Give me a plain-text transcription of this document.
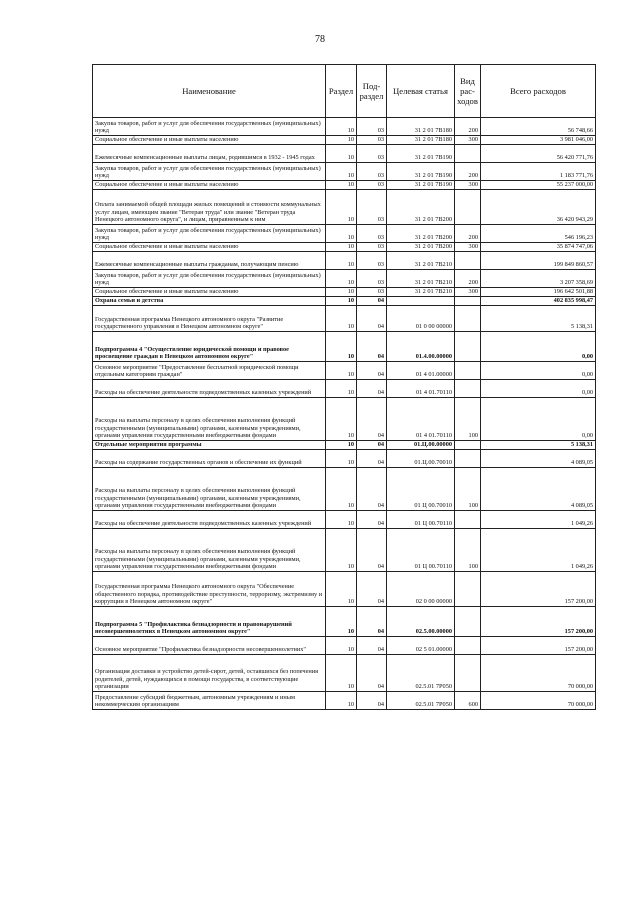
78
Наименование	Раздел	Под-раздел	Целевая статья	Вид рас-ходов	Всего расходов
Закупка товаров, работ и услуг для обеспечения государственных (муниципальных) нужд	10	03	31 2 01 7В180	200	56 748,66
Социальное обеспечение и иные выплаты населению	10	03	31 2 01 7В180	300	3 981 046,00
Ежемесячные компенсационные выплаты лицам, родившимся в 1932 - 1945 годах	10	03	31 2 01 7В190		56 420 771,76
Закупка товаров, работ и услуг для обеспечения государственных (муниципальных) нужд	10	03	31 2 01 7В190	200	1 183 771,76
Социальное обеспечение и иные выплаты населению	10	03	31 2 01 7В190	300	55 237 000,00
Оплата занимаемой общей площади жилых помещений и стоимости коммунальных услуг лицам, имеющим звание "Ветеран труда" или звание "Ветеран труда Ненецкого автономного округа", и лицам, приравненным к ним	10	03	31 2 01 7В200		36 420 943,29
Закупка товаров, работ и услуг для обеспечения государственных (муниципальных) нужд	10	03	31 2 01 7В200	200	546 196,23
Социальное обеспечение и иные выплаты населению	10	03	31 2 01 7В200	300	35 874 747,06
Ежемесячные компенсационные выплаты гражданам, получающим пенсию	10	03	31 2 01 7В210		199 849 860,57
Закупка товаров, работ и услуг для обеспечения государственных (муниципальных) нужд	10	03	31 2 01 7В210	200	3 207 358,69
Социальное обеспечение и иные выплаты населению	10	03	31 2 01 7В210	300	196 642 501,88
Охрана семьи и детства	10	04			402 835 998,47
Государственная программа Ненецкого автономного округа "Развитие государственного управления в Ненецком автономном округе"	10	04	01 0 00 00000		5 138,31
Подпрограмма 4 "Осуществление юридической помощи и правовое просвещение граждан в Ненецком автономном округе"	10	04	01.4.00.00000		0,00
Основное мероприятие "Предоставление бесплатной юридической помощи отдельным категориям граждан"	10	04	01 4 01.00000		0,00
Расходы на обеспечение деятельности подведомственных казенных учреждений	10	04	01 4 01.70110		0,00
Расходы на выплаты персоналу в целях обеспечения выполнения функций государственными (муниципальными) органами, казенными учреждениями, органами управления государственными внебюджетными фондами	10	04	01 4 01.70110	100	0,00
Отдельные мероприятия программы	10	04	01.Ц.00.00000		5 138,31
Расходы на содержание государственных органов и обеспечение их функций	10	04	01.Ц.00.70010		4 089,05
Расходы на выплаты персоналу в целях обеспечения выполнения функций государственными (муниципальными) органами, казенными учреждениями, органами управления государственными внебюджетными фондами	10	04	01 Ц 00.70010	100	4 089,05
Расходы на обеспечение деятельности подведомственных казенных учреждений	10	04	01 Ц 00.70110		1 049,26
Расходы на выплаты персоналу в целях обеспечения выполнения функций государственными (муниципальными) органами, казенными учреждениями, органами управления государственными внебюджетными фондами	10	04	01 Ц 00.70110	100	1 049,26
Государственная программа Ненецкого автономного округа "Обеспечение общественного порядка, противодействие преступности, терроризму, экстремизму и коррупции в Ненецком автономном округе"	10	04	02 0 00 00000		157 200,00
Подпрограмма 5 "Профилактика безнадзорности и правонарушений несовершеннолетних в Ненецком автономном округе"	10	04	02.5.00.00000		157 200,00
Основное мероприятие "Профилактика безнадзорности несовершеннолетних"	10	04	02 5 01.00000		157 200,00
Организация доставки и устройство детей-сирот, детей, оставшихся без попечения родителей, детей, нуждающихся в помощи государства, в соответствующие организации	10	04	02.5.01 7Р050		70 000,00
Предоставление субсидий бюджетным, автономным учреждениям и иным некоммерческим организациям	10	04	02.5.01 7Р050	600	70 000,00
